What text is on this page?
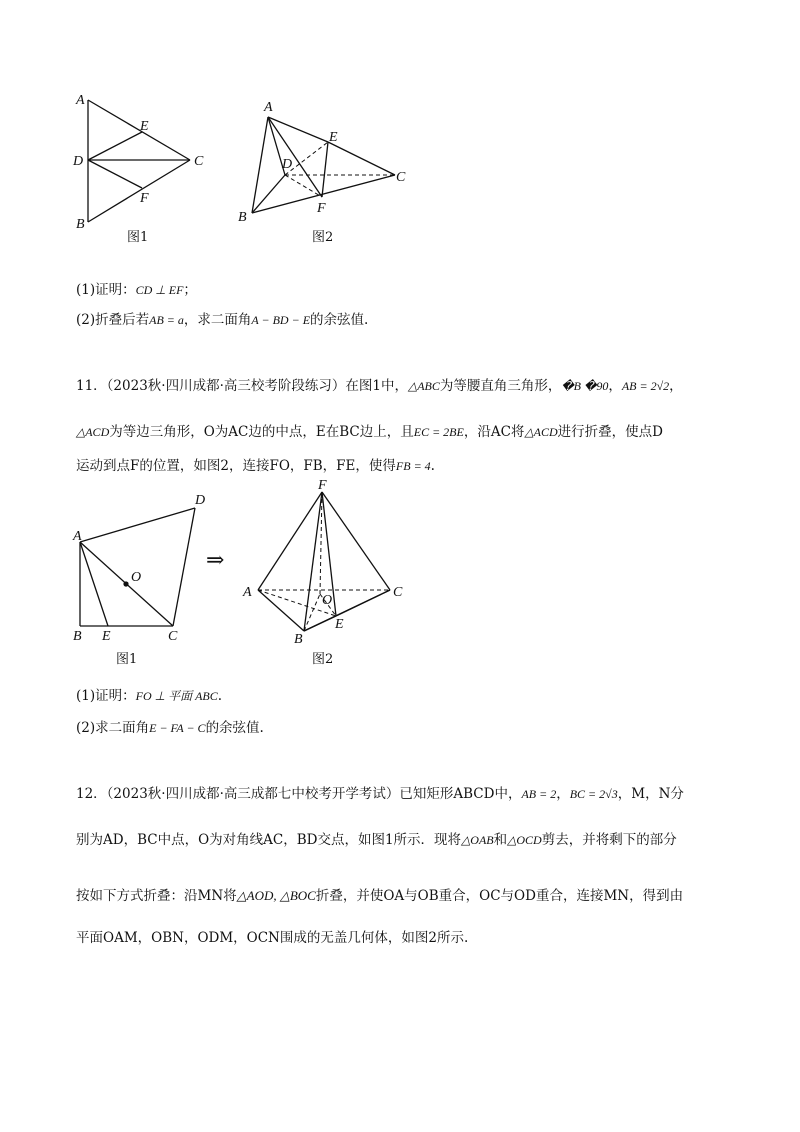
A
E
D	C
F
B
图1
A
E
D
C
F
B
图2
(1)证明：CD ⊥ EF；
(2)折叠后若AB = a，求二面角A − BD − E的余弦值.
11．（2023秋·四川成都·高三校考阶段练习）在图1中，△ABC为等腰直角三角形，�B �90，AB = 2√2，
△ACD为等边三角形，O为AC边的中点，E在BC边上，且EC = 2BE，沿AC将△ACD进行折叠，使点D
运动到点F的位置，如图2，连接FO，FB，FE，使得FB = 4.
A
D
O
B E	C
图1
⇒
F
A
O
C
B
E
图2
(1)证明：FO ⊥ 平面 ABC.
(2)求二面角E − FA − C的余弦值.
12．（2023秋·四川成都·高三成都七中校考开学考试）已知矩形ABCD中，AB = 2，BC = 2√3，M，N分
别为AD，BC中点，O为对角线AC，BD交点，如图1所示．现将△OAB和△OCD剪去，并将剩下的部分
按如下方式折叠：沿MN将△AOD, △BOC折叠，并使OA与OB重合，OC与OD重合，连接MN，得到由
平面OAM，OBN，ODM，OCN围成的无盖几何体，如图2所示.
